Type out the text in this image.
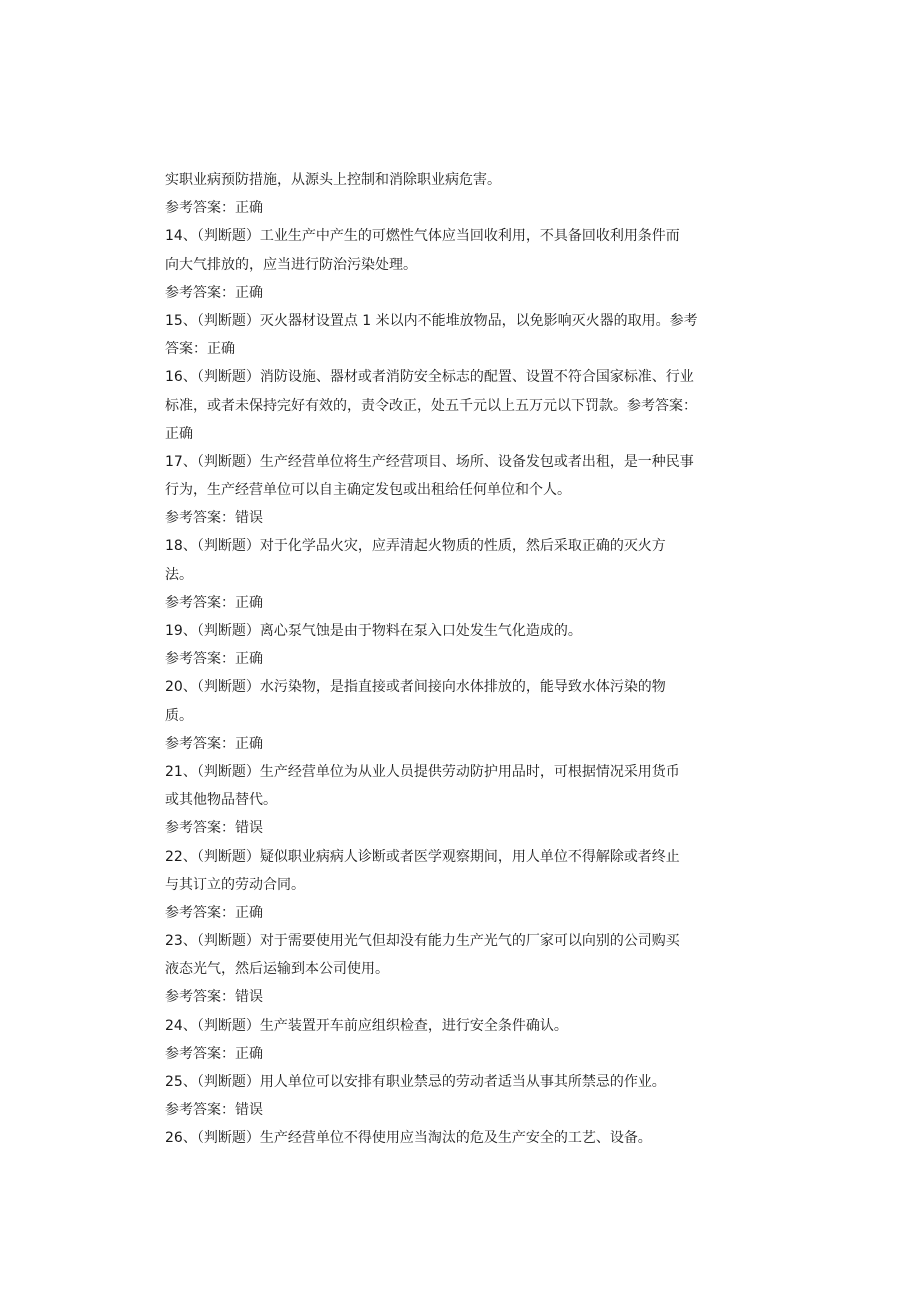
实职业病预防措施，从源头上控制和消除职业病危害。
参考答案：正确
14、（判断题）工业生产中产生的可燃性气体应当回收利用，不具备回收利用条件而
向大气排放的，应当进行防治污染处理。
参考答案：正确
15、（判断题）灭火器材设置点 1 米以内不能堆放物品，以免影响灭火器的取用。参考
答案：正确
16、（判断题）消防设施、器材或者消防安全标志的配置、设置不符合国家标准、行业
标准，或者未保持完好有效的，责令改正，处五千元以上五万元以下罚款。参考答案：
正确
17、（判断题）生产经营单位将生产经营项目、场所、设备发包或者出租，是一种民事
行为，生产经营单位可以自主确定发包或出租给任何单位和个人。
参考答案：错误
18、（判断题）对于化学品火灾，应弄清起火物质的性质，然后采取正确的灭火方
法。
参考答案：正确
19、（判断题）离心泵气蚀是由于物料在泵入口处发生气化造成的。
参考答案：正确
20、（判断题）水污染物，是指直接或者间接向水体排放的，能导致水体污染的物
质。
参考答案：正确
21、（判断题）生产经营单位为从业人员提供劳动防护用品时，可根据情况采用货币
或其他物品替代。
参考答案：错误
22、（判断题）疑似职业病病人诊断或者医学观察期间，用人单位不得解除或者终止
与其订立的劳动合同。
参考答案：正确
23、（判断题）对于需要使用光气但却没有能力生产光气的厂家可以向别的公司购买
液态光气，然后运输到本公司使用。
参考答案：错误
24、（判断题）生产装置开车前应组织检查，进行安全条件确认。
参考答案：正确
25、（判断题）用人单位可以安排有职业禁忌的劳动者适当从事其所禁忌的作业。
参考答案：错误
26、（判断题）生产经营单位不得使用应当淘汰的危及生产安全的工艺、设备。
